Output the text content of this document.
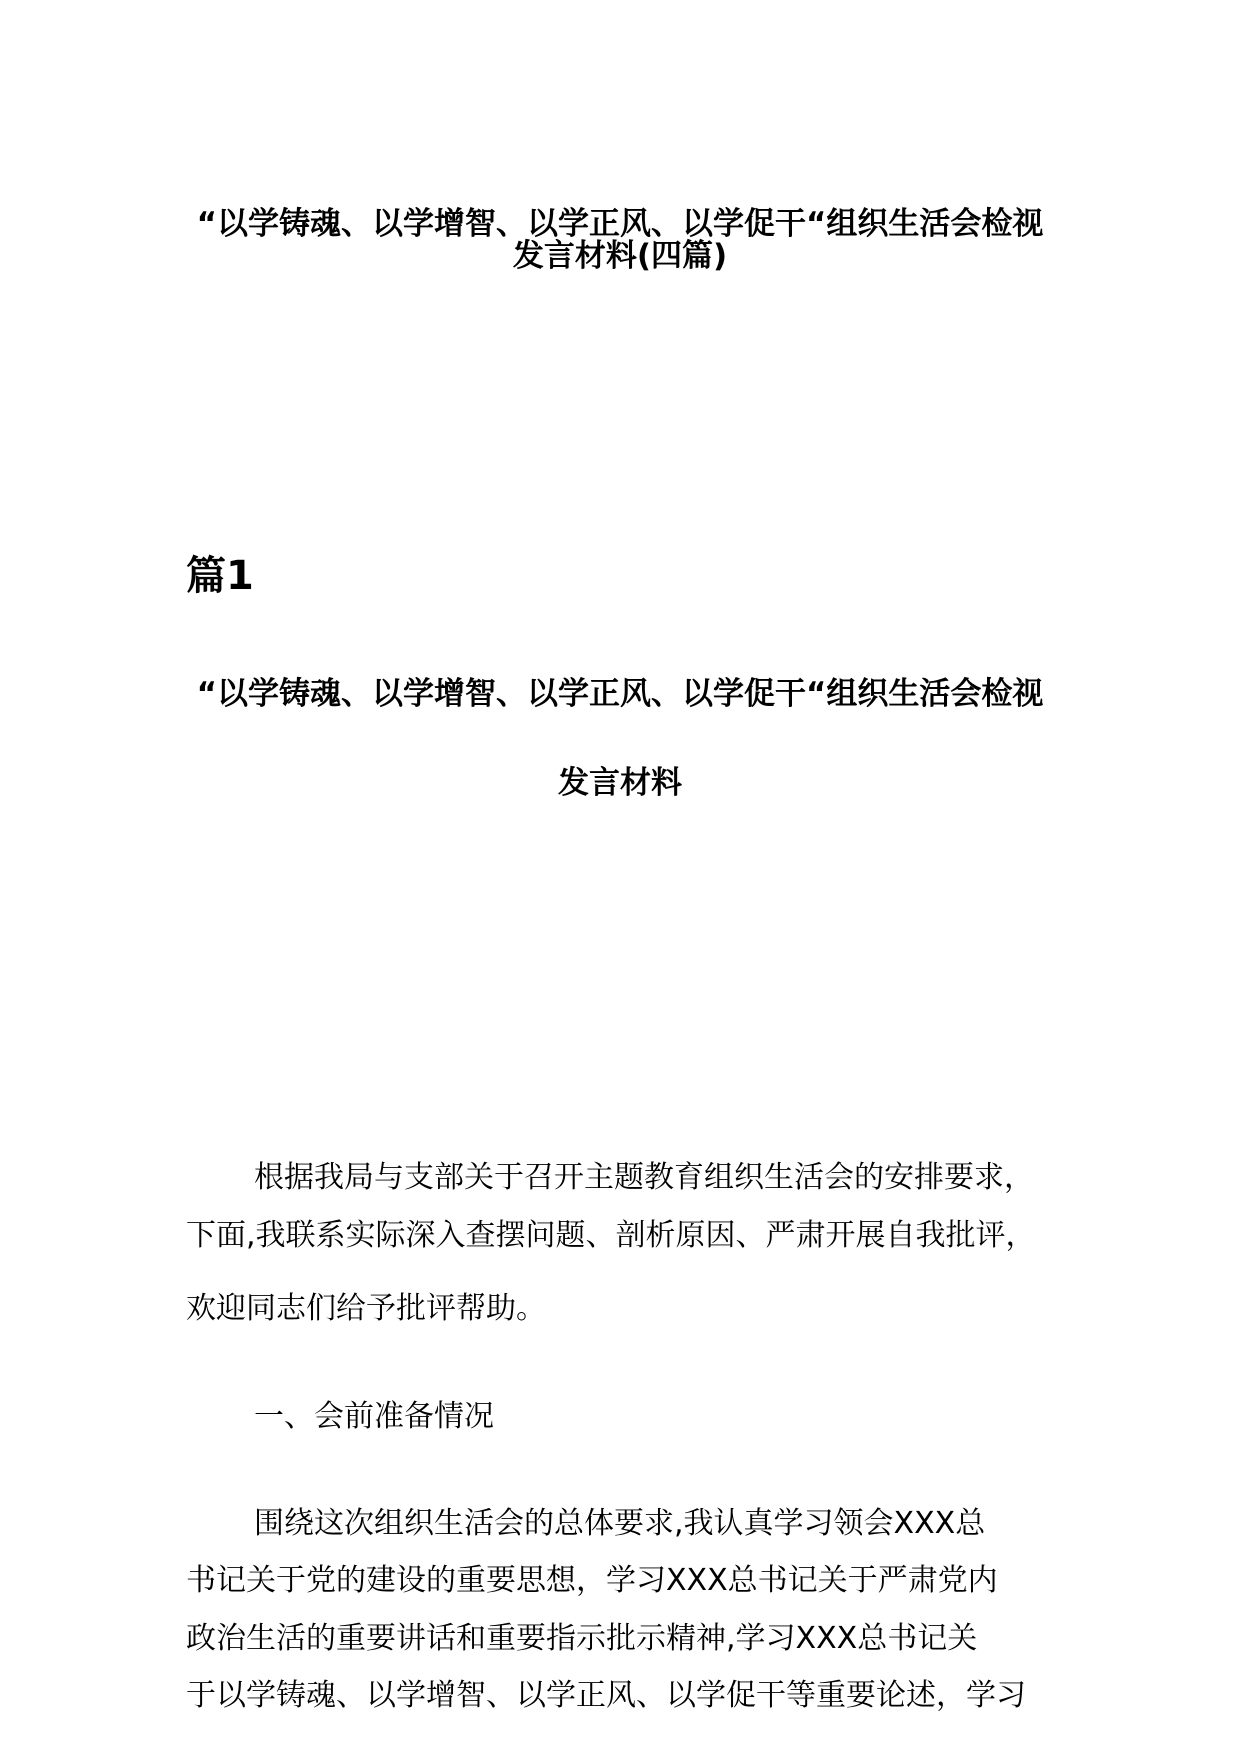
“以学铸魂、以学增智、以学正风、以学促干“组织生活会检视
发言材料(四篇)
篇1
“以学铸魂、以学增智、以学正风、以学促干“组织生活会检视
发言材料
根据我局与支部关于召开主题教育组织生活会的安排要求，
下面,我联系实际深入查摆问题、剖析原因、严肃开展自我批评，
欢迎同志们给予批评帮助。
一、会前准备情况
围绕这次组织生活会的总体要求,我认真学习领会XXX总
书记关于党的建设的重要思想，学习XXX总书记关于严肃党内
政治生活的重要讲话和重要指示批示精神,学习XXX总书记关
于以学铸魂、以学增智、以学正风、以学促干等重要论述，学习
